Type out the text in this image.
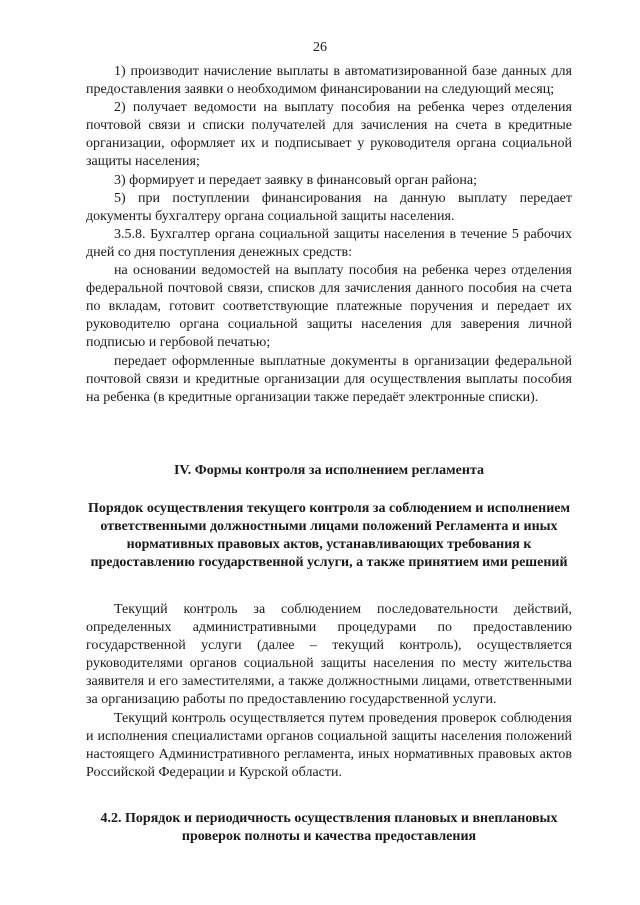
26

1) производит начисление выплаты в автоматизированной базе данных для предоставления заявки о необходимом финансировании на следующий месяц;

2) получает ведомости на выплату пособия на ребенка через отделения почтовой связи и списки получателей для зачисления на счета в кредитные организации, оформляет их и подписывает у руководителя органа социальной защиты населения;

3) формирует и передает заявку в финансовый орган района;

5) при поступлении финансирования на данную выплату передает документы бухгалтеру органа социальной защиты населения.

3.5.8. Бухгалтер органа социальной защиты населения в течение 5 рабочих дней со дня поступления денежных средств:

на основании ведомостей на выплату пособия на ребенка через отделения федеральной почтовой связи, списков для зачисления данного пособия на счета по вкладам, готовит соответствующие платежные поручения и передает их руководителю органа социальной защиты населения для заверения личной подписью и гербовой печатью;

передает оформленные выплатные документы в организации федеральной почтовой связи и кредитные организации для осуществления выплаты пособия на ребенка (в кредитные организации также передаёт электронные списки).

IV. Формы контроля за исполнением регламента
Порядок осуществления текущего контроля за соблюдением и исполнением ответственными должностными лицами положений Регламента и иных нормативных правовых актов, устанавливающих требования к предоставлению государственной услуги, а также принятием ими решений

Текущий контроль за соблюдением последовательности действий, определенных административными процедурами по предоставлению государственной услуги (далее – текущий контроль), осуществляется руководителями органов социальной защиты населения по месту жительства заявителя и его заместителями, а также должностными лицами, ответственными за организацию работы по предоставлению государственной услуги.

Текущий контроль осуществляется путем проведения проверок соблюдения и исполнения специалистами органов социальной защиты населения положений настоящего Административного регламента, иных нормативных правовых актов Российской Федерации и Курской области.

4.2. Порядок и периодичность осуществления плановых и внеплановых проверок полноты и качества предоставления
